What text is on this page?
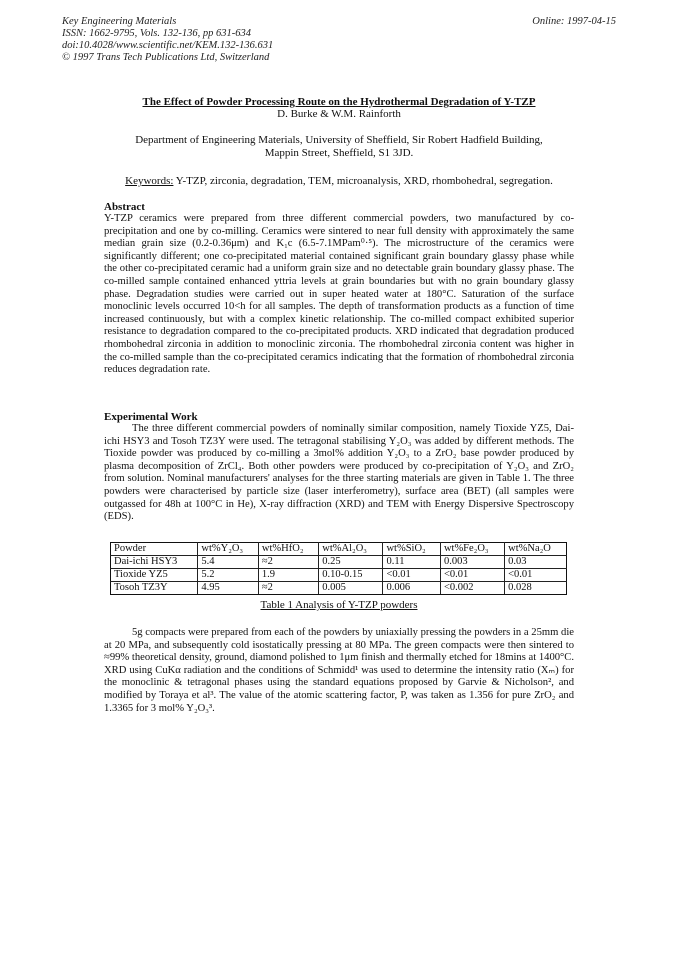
Key Engineering Materials
ISSN: 1662-9795, Vols. 132-136, pp 631-634
doi:10.4028/www.scientific.net/KEM.132-136.631
© 1997 Trans Tech Publications Ltd, Switzerland
Online: 1997-04-15
The Effect of Powder Processing Route on the Hydrothermal Degradation of Y-TZP
D. Burke & W.M. Rainforth
Department of Engineering Materials, University of Sheffield, Sir Robert Hadfield Building,
Mappin Street, Sheffield, S1 3JD.
Keywords: Y-TZP, zirconia, degradation, TEM, microanalysis, XRD, rhombohedral, segregation.
Abstract
Y-TZP ceramics were prepared from three different commercial powders, two manufactured by co-precipitation and one by co-milling. Ceramics were sintered to near full density with approximately the same median grain size (0.2-0.36μm) and K₁c (6.5-7.1MPam⁰·⁵). The microstructure of the ceramics were significantly different; one co-precipitated material contained significant grain boundary glassy phase while the other co-precipitated ceramic had a uniform grain size and no detectable grain boundary glassy phase. The co-milled sample contained enhanced yttria levels at grain boundaries but with no grain boundary glassy phase. Degradation studies were carried out in super heated water at 180°C. Saturation of the surface monoclinic levels occurred 10<h for all samples. The depth of transformation products as a function of time increased continuously, but with a complex kinetic relationship. The co-milled compact exhibited superior resistance to degradation compared to the co-precipitated products. XRD indicated that degradation produced rhombohedral zirconia in addition to monoclinic zirconia. The rhombohedral zirconia content was higher in the co-milled sample than the co-precipitated ceramics indicating that the formation of rhombohedral zirconia reduces degradation rate.
Experimental Work
The three different commercial powders of nominally similar composition, namely Tioxide YZ5, Dai-ichi HSY3 and Tosoh TZ3Y were used. The tetragonal stabilising Y₂O₃ was added by different methods. The Tioxide powder was produced by co-milling a 3mol% addition Y₂O₃ to a ZrO₂ base powder produced by plasma decomposition of ZrCl₄. Both other powders were produced by co-precipitation of Y₂O₃ and ZrO₂ from solution. Nominal manufacturers' analyses for the three starting materials are given in Table 1. The three powders were characterised by particle size (laser interferometry), surface area (BET) (all samples were outgassed for 48h at 100°C in He), X-ray diffraction (XRD) and TEM with Energy Dispersive Spectroscopy (EDS).
Powder	wt%Y₂O₃	wt%HfO₂	wt%Al₂O₃	wt%SiO₂	wt%Fe₂O₃	wt%Na₂O
Dai-ichi HSY3	5.4	≈2	0.25	0.11	0.003	0.03
Tioxide YZ5	5.2	1.9	0.10-0.15	<0.01	<0.01	<0.01
Tosoh TZ3Y	4.95	≈2	0.005	0.006	<0.002	0.028
Table 1 Analysis of Y-TZP powders
5g compacts were prepared from each of the powders by uniaxially pressing the powders in a 25mm die at 20 MPa, and subsequently cold isostatically pressing at 80 MPa. The green compacts were then sintered to ≈99% theoretical density, ground, diamond polished to 1μm finish and thermally etched for 18mins at 1400°C. XRD using CuKα radiation and the conditions of Schmidd¹ was used to determine the intensity ratio (Xₘ) for the monoclinic & tetragonal phases using the standard equations proposed by Garvie & Nicholson², and modified by Toraya et al³. The value of the atomic scattering factor, P, was taken as 1.356 for pure ZrO₂ and 1.3365 for 3 mol% Y₂O₃³.
